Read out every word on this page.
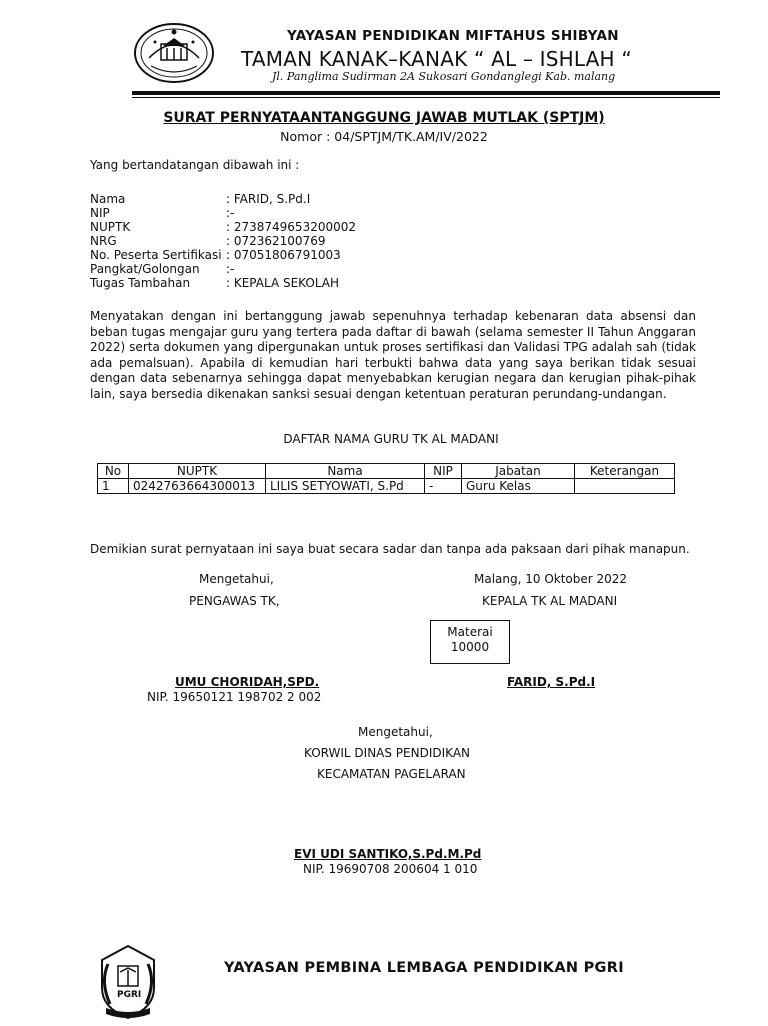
YAYASAN PENDIDIKAN MIFTAHUS SHIBYAN
TAMAN KANAK–KANAK “ AL – ISHLAH “
Jl. Panglima Sudirman 2A Sukosari Gondanglegi Kab. malang
SURAT PERNYATAANTANGGUNG JAWAB MUTLAK (SPTJM)
Nomor : 04/SPTJM/TK.AM/IV/2022
Yang bertandatangan dibawah ini :
Nama	: FARID, S.Pd.I
NIP	:-
NUPTK	: 2738749653200002
NRG	: 072362100769
No. Peserta Sertifikasi : 07051806791003
Pangkat/Golongan :-
Tugas Tambahan	: KEPALA SEKOLAH
Menyatakan dengan ini bertanggung jawab sepenuhnya terhadap kebenaran data absensi dan beban tugas mengajar guru yang tertera pada daftar di bawah (selama semester II Tahun Anggaran 2022) serta dokumen yang dipergunakan untuk proses sertifikasi dan Validasi TPG adalah sah (tidak ada pemalsuan). Apabila di kemudian hari terbukti bahwa data yang saya berikan tidak sesuai dengan data sebenarnya sehingga dapat menyebabkan kerugian negara dan kerugian pihak-pihak lain, saya bersedia dikenakan sanksi sesuai dengan ketentuan peraturan perundang-undangan.
DAFTAR NAMA GURU TK AL MADANI
No	NUPTK	Nama	NIP	Jabatan	Keterangan
1	0242763664300013	LILIS SETYOWATI, S.Pd	-	Guru Kelas	
Demikian surat pernyataan ini saya buat secara sadar dan tanpa ada paksaan dari pihak manapun.
Mengetahui,
PENGAWAS TK,
Malang, 10 Oktober 2022
KEPALA TK AL MADANI
Materai
10000
UMU CHORIDAH,SPD.
NIP. 19650121 198702 2 002
FARID, S.Pd.I
Mengetahui,
KORWIL DINAS PENDIDIKAN
KECAMATAN PAGELARAN
EVI UDI SANTIKO,S.Pd.M.Pd
NIP. 19690708 200604 1 010
PGRI
YAYASAN PEMBINA LEMBAGA PENDIDIKAN PGRI
